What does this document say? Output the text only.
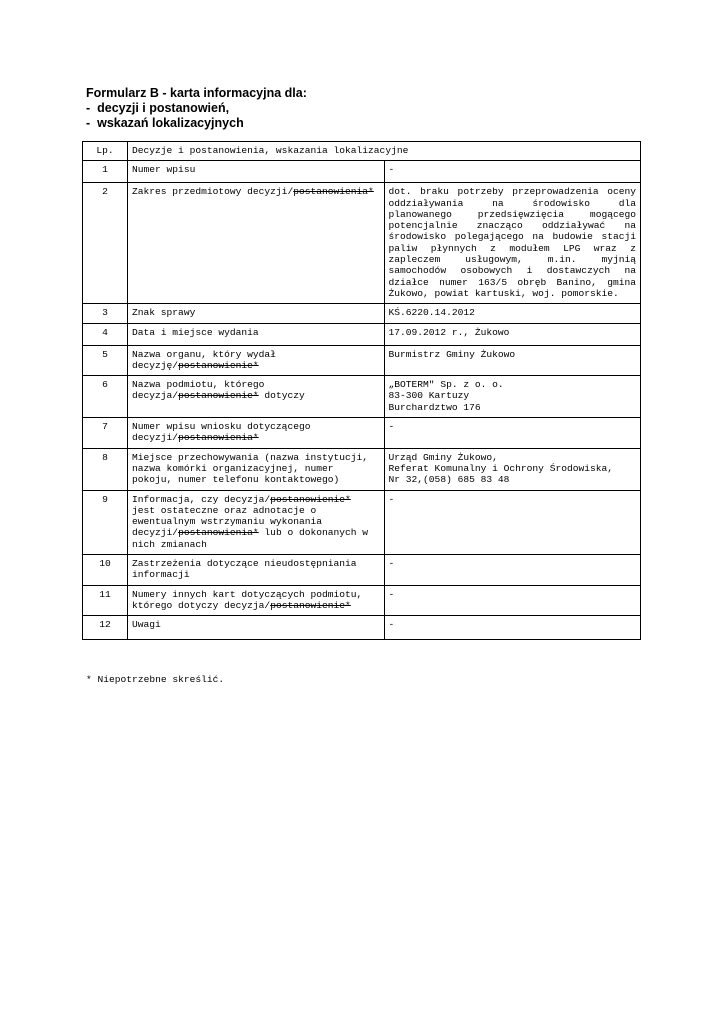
Formularz B - karta informacyjna dla:
-  decyzji i postanowień,
-  wskazań lokalizacyjnych
Lp.	Decyzje i postanowienia, wskazania lokalizacyjne	
1	Numer wpisu	-
2	Zakres przedmiotowy decyzji/postanowienia*	dot. braku potrzeby przeprowadzenia oceny oddziaływania na środowisko dla planowanego przedsięwzięcia mogącego potencjalnie znacząco oddziaływać na środowisko polegającego na budowie stacji paliw płynnych z modułem LPG wraz z zapleczem usługowym, m.in. myjnią samochodów osobowych i dostawczych na działce numer 163/5 obręb Banino, gmina Żukowo, powiat kartuski, woj. pomorskie.
3	Znak sprawy	KŚ.6220.14.2012
4	Data i miejsce wydania	17.09.2012 r., Żukowo
5	Nazwa organu, który wydał decyzję/postanowienie*	Burmistrz Gminy Żukowo
6	Nazwa podmiotu, którego decyzja/postanowienie* dotyczy	„BOTERM" Sp. z o. o.
83-300 Kartuzy
Burchardztwo 176

7	Numer wpisu wniosku dotyczącego decyzji/postanowienia*	-
8	Miejsce przechowywania (nazwa instytucji, nazwa komórki organizacyjnej, numer pokoju, numer telefonu kontaktowego)	Urząd Gminy Żukowo,
Referat Komunalny i Ochrony Środowiska,
Nr 32,(058) 685 83 48

9	Informacja, czy decyzja/postanowienie* jest ostateczne oraz adnotacje o ewentualnym wstrzymaniu wykonania decyzji/postanowienia* lub o dokonanych w nich zmianach	-
10	Zastrzeżenia dotyczące nieudostępniania informacji	-
11	Numery innych kart dotyczących podmiotu, którego dotyczy decyzja/postanowienie*	-
12	Uwagi	-
* Niepotrzebne skreślić.
